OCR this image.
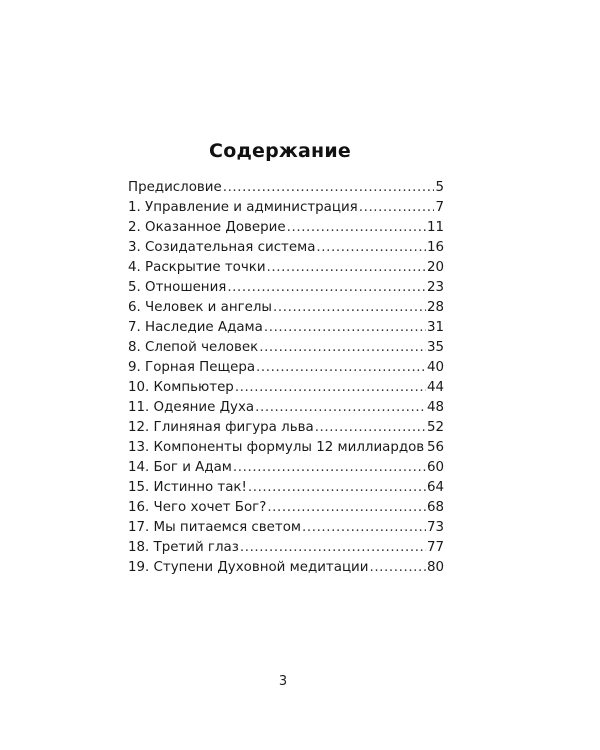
Содержание
Предисловие .....	5
1. Управление и администрация .....	7
2. Оказанное Доверие .....	11
3. Созидательная система .....	16
4. Раскрытие точки .....	20
5. Отношения .....	23
6. Человек и ангелы .....	28
7. Наследие Адама .....	31
8. Слепой человек .....	35
9. Горная Пещера .....	40
10. Компьютер .....	44
11. Одеяние Духа .....	48
12. Глиняная фигура льва .....	52
13. Компоненты формулы 12 миллиардов ..... 56
14. Бог и Адам .....	60
15. Истинно так! .....	64
16. Чего хочет Бог? .....	68
17. Мы питаемся светом .....	73
18. Третий глаз .....	77
19. Ступени Духовной медитации .....	80
3
